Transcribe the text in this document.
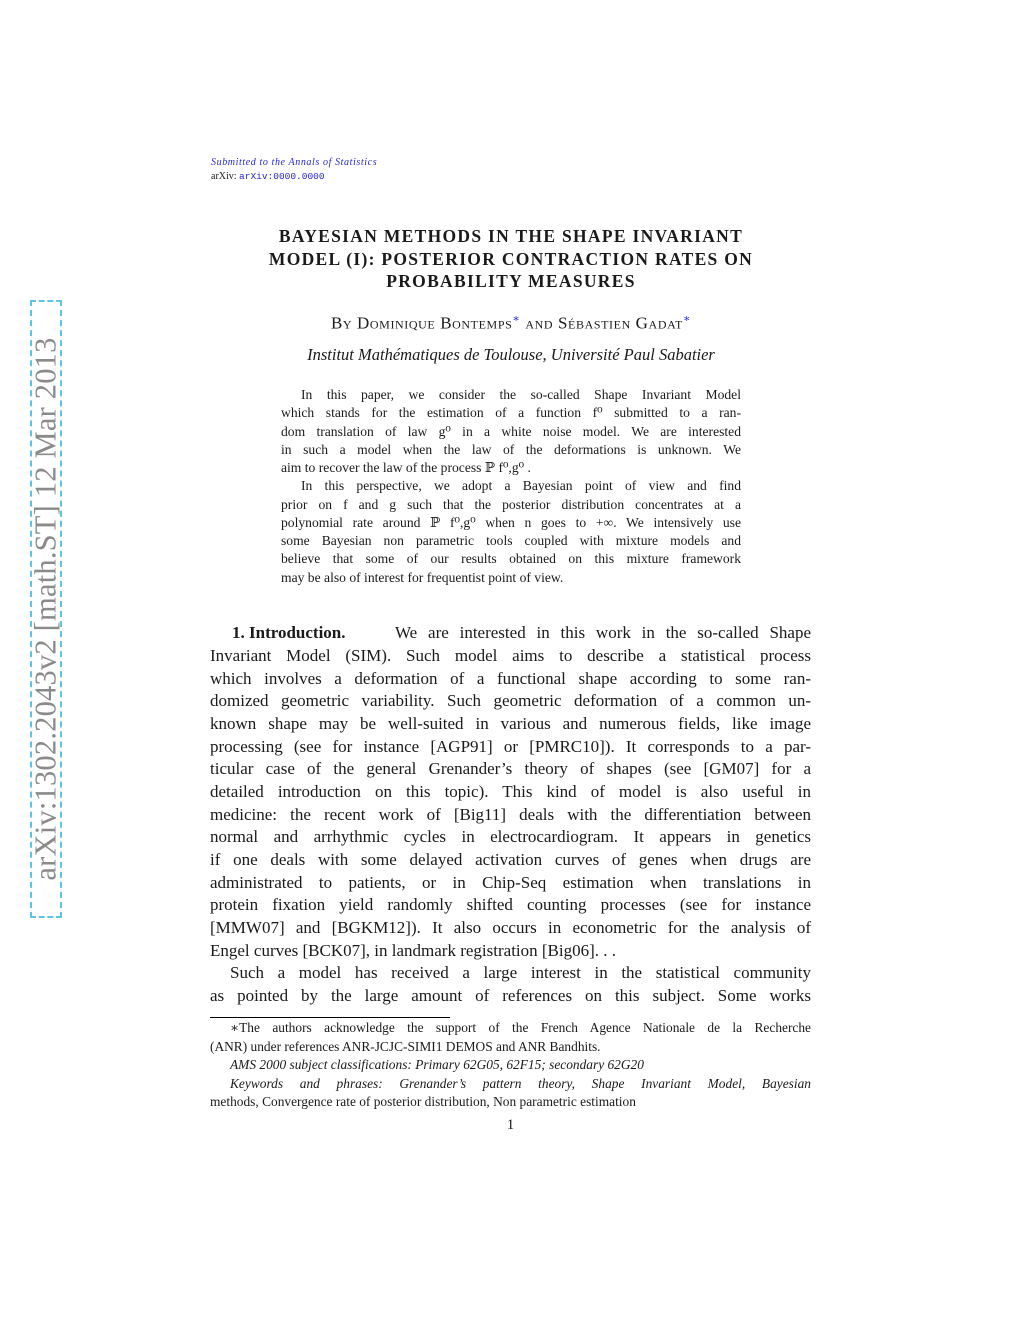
arXiv:1302.2043v2 [math.ST] 12 Mar 2013
Submitted to the Annals of Statistics
arXiv: arXiv:0000.0000
BAYESIAN METHODS IN THE SHAPE INVARIANT
MODEL (I): POSTERIOR CONTRACTION RATES ON
PROBABILITY MEASURES
By Dominique Bontemps∗ and Sébastien Gadat∗
Institut Mathématiques de Toulouse, Université Paul Sabatier
In this paper, we consider the so-called Shape Invariant Model
which stands for the estimation of a function f⁰ submitted to a ran-
dom translation of law g⁰ in a white noise model. We are interested
in such a model when the law of the deformations is unknown. We
aim to recover the law of the process ℙ f⁰,g⁰ .
In this perspective, we adopt a Bayesian point of view and find
prior on f and g such that the posterior distribution concentrates at a
polynomial rate around ℙ f⁰,g⁰ when n goes to +∞. We intensively use
some Bayesian non parametric tools coupled with mixture models and
believe that some of our results obtained on this mixture framework
may be also of interest for frequentist point of view.
1. Introduction.	We are interested in this work in the so-called Shape
Invariant Model (SIM). Such model aims to describe a statistical process
which involves a deformation of a functional shape according to some ran-
domized geometric variability. Such geometric deformation of a common un-
known shape may be well-suited in various and numerous fields, like image
processing (see for instance [AGP91] or [PMRC10]). It corresponds to a par-
ticular case of the general Grenander’s theory of shapes (see [GM07] for a
detailed introduction on this topic). This kind of model is also useful in
medicine: the recent work of [Big11] deals with the differentiation between
normal and arrhythmic cycles in electrocardiogram. It appears in genetics
if one deals with some delayed activation curves of genes when drugs are
administrated to patients, or in Chip-Seq estimation when translations in
protein fixation yield randomly shifted counting processes (see for instance
[MMW07] and [BGKM12]). It also occurs in econometric for the analysis of
Engel curves [BCK07], in landmark registration [Big06]. . .
Such a model has received a large interest in the statistical community
as pointed by the large amount of references on this subject. Some works
∗The authors acknowledge the support of the French Agence Nationale de la Recherche
(ANR) under references ANR-JCJC-SIMI1 DEMOS and ANR Bandhits.
AMS 2000 subject classifications: Primary 62G05, 62F15; secondary 62G20
Keywords and phrases: Grenander’s pattern theory, Shape Invariant Model, Bayesian
methods, Convergence rate of posterior distribution, Non parametric estimation
1
